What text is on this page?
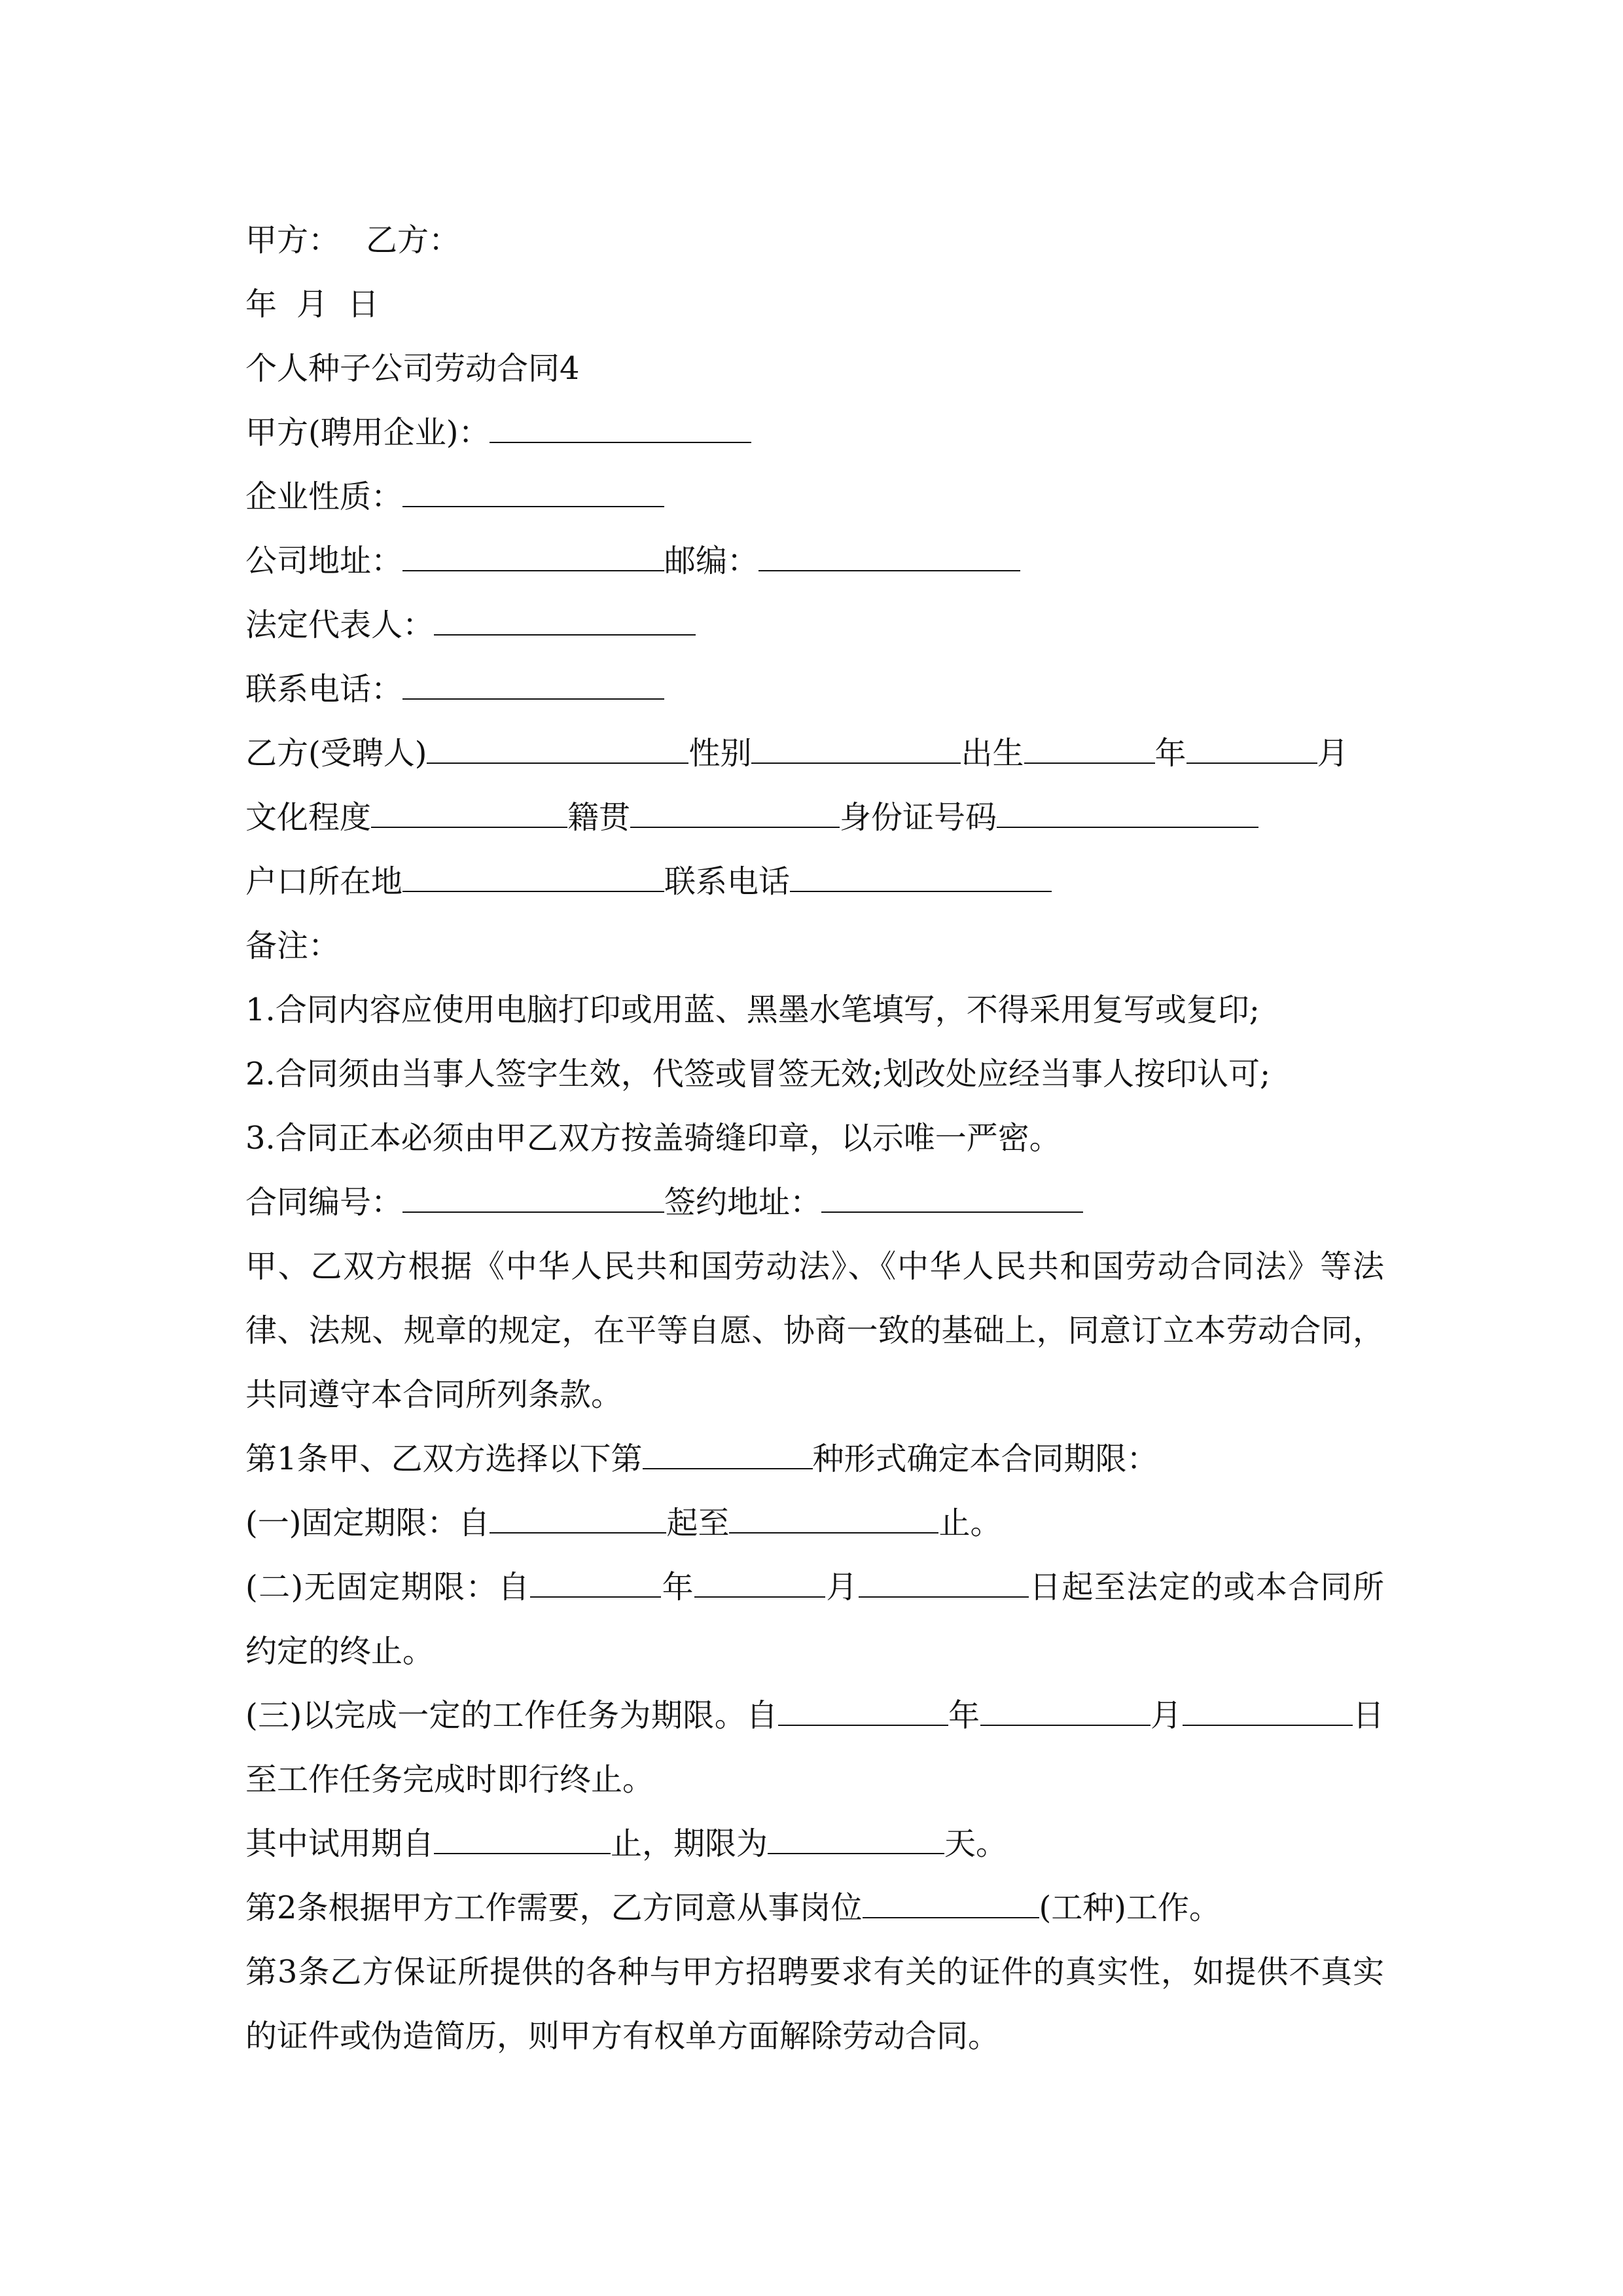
甲方： 乙方：
年 月 日
个人种子公司劳动合同4
甲方(聘用企业)：
企业性质：
公司地址：	邮编：
法定代表人：
联系电话：
乙方(受聘人)	性别	出生	年	月
文化程度	籍贯	身份证号码
户口所在地	联系电话
备注：
1.合同内容应使用电脑打印或用蓝、黑墨水笔填写，不得采用复写或复印;
2.合同须由当事人签字生效，代签或冒签无效;划改处应经当事人按印认可;
3.合同正本必须由甲乙双方按盖骑缝印章，以示唯一严密。
合同编号：	签约地址：
甲、乙双方根据《中华人民共和国劳动法》、《中华人民共和国劳动合同法》等法律、法规、规章的规定，在平等自愿、协商一致的基础上，同意订立本劳动合同，共同遵守本合同所列条款。
第1条甲、乙双方选择以下第	种形式确定本合同期限：
(一)固定期限：自	起至	止。
(二)无固定期限：自	年	月	日起至法定的或本合同所约定的终止。
(三)以完成一定的工作任务为期限。自	年	月	日至工作任务完成时即行终止。
其中试用期自	止，期限为	天。
第2条根据甲方工作需要，乙方同意从事岗位	(工种)工作。
第3条乙方保证所提供的各种与甲方招聘要求有关的证件的真实性，如提供不真实的证件或伪造简历，则甲方有权单方面解除劳动合同。
